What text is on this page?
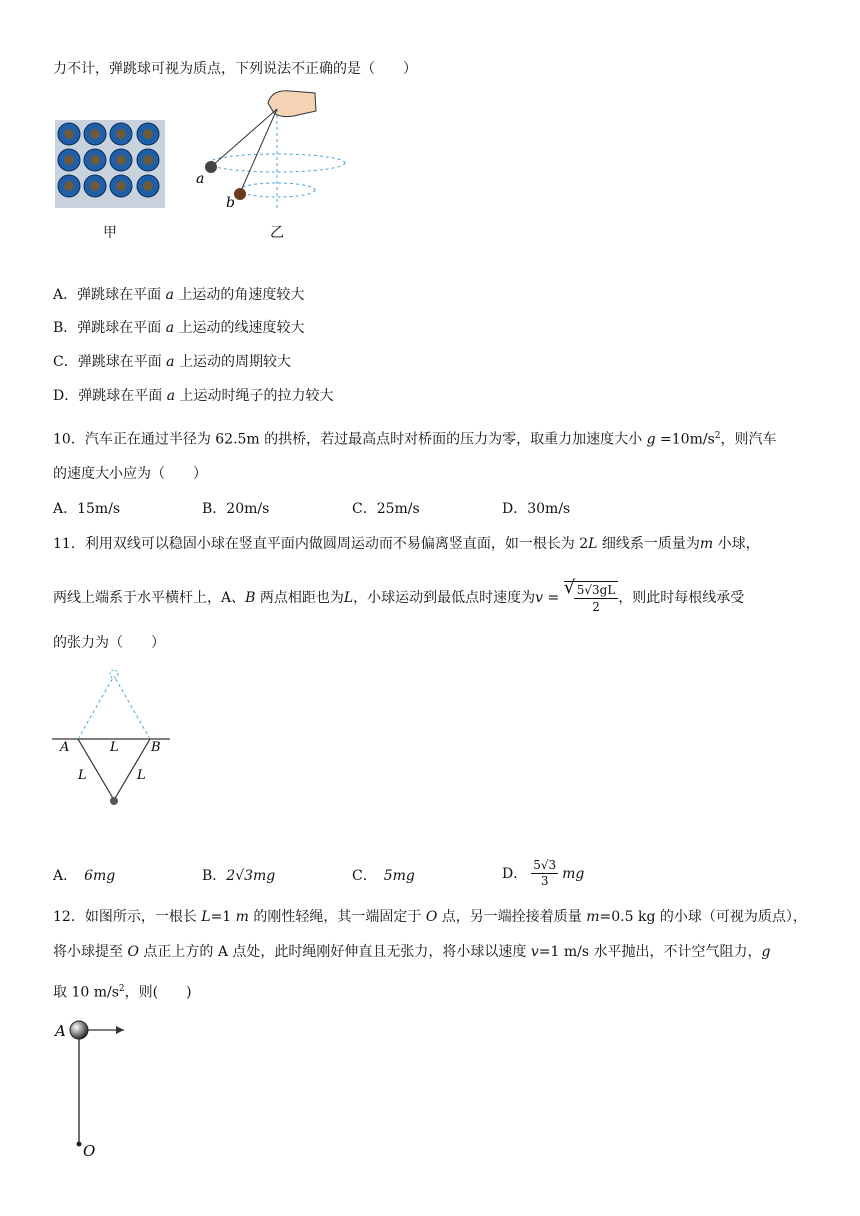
力不计，弹跳球可视为质点，下列说法不正确的是（　　）
甲
a
b
乙
A．弹跳球在平面 a 上运动的角速度较大
B．弹跳球在平面 a 上运动的线速度较大
C．弹跳球在平面 a 上运动的周期较大
D．弹跳球在平面 a 上运动时绳子的拉力较大
10．汽车正在通过半径为 62.5m 的拱桥，若过最高点时对桥面的压力为零，取重力加速度大小 $g =10m/s^2$，则汽车
的速度大小应为（　　）
A．15m/s	B．20m/s	C．25m/s	D．30m/s
11．利用双线可以稳固小球在竖直平面内做圆周运动而不易偏离竖直面，如一根长为 2L 细线系一质量为m 小球，
两线上端系于水平横杆上，A、B 两点相距也为L，小球运动到最低点时速度为v = √ 5√3gL
2
，则此时每根线承受
的张力为（　　）
A	B
L
L	L
A．  6mg	B．2√3mg	C．  5mg	D．
5√3
3 mg
12．如图所示，一根长 L=1 m 的刚性轻绳，其一端固定于 O 点，另一端拴接着质量 m=0.5 kg 的小球（可视为质点），
将小球提至 O 点正上方的 A 点处，此时绳刚好伸直且无张力，将小球以速度 v=1 m/s 水平抛出，不计空气阻力，g
取 10 $m/s^2$，则(　　)
A
O
